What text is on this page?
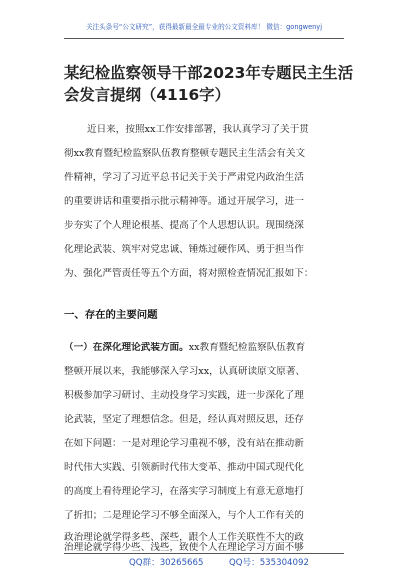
关注头条号“公文研究”，获得最新最全最专业的公文资料库！ 微信：gongwenyj
某纪检监察领导干部2023年专题民主生活
会发言提纲（4116字）
近日来，按照xx工作安排部署，我认真学习了关于贯
彻xx教育暨纪检监察队伍教育整顿专题民主生活会有关文
件精神，学习了习近平总书记关于关于严肃党内政治生活
的重要讲话和重要指示批示精神等。通过开展学习，进一
步夯实了个人理论根基、提高了个人思想认识。现围绕深
化理论武装、筑牢对党忠诚、锤炼过硬作风、勇于担当作
为、强化严管责任等五个方面，将对照检查情况汇报如下：
一、存在的主要问题
（一）在深化理论武装方面。xx教育暨纪检监察队伍教育
整顿开展以来，我能够深入学习xx，认真研读原文原著、
积极参加学习研讨、主动投身学习实践，进一步深化了理
论武装，坚定了理想信念。但是，经认真对照反思，还存
在如下问题：一是对理论学习重视不够，没有站在推动新
时代伟大实践、引领新时代伟大变革、推动中国式现代化
的高度上看待理论学习，在落实学习制度上有意无意地打
了折扣；二是理论学习不够全面深入，与个人工作有关的
政治理论就学得多些、深些，跟个人工作关联性不大的政
治理论就学得少些、浅些，致使个人在理论学习方面不够
QQ群：30265665	QQ号：535304092
